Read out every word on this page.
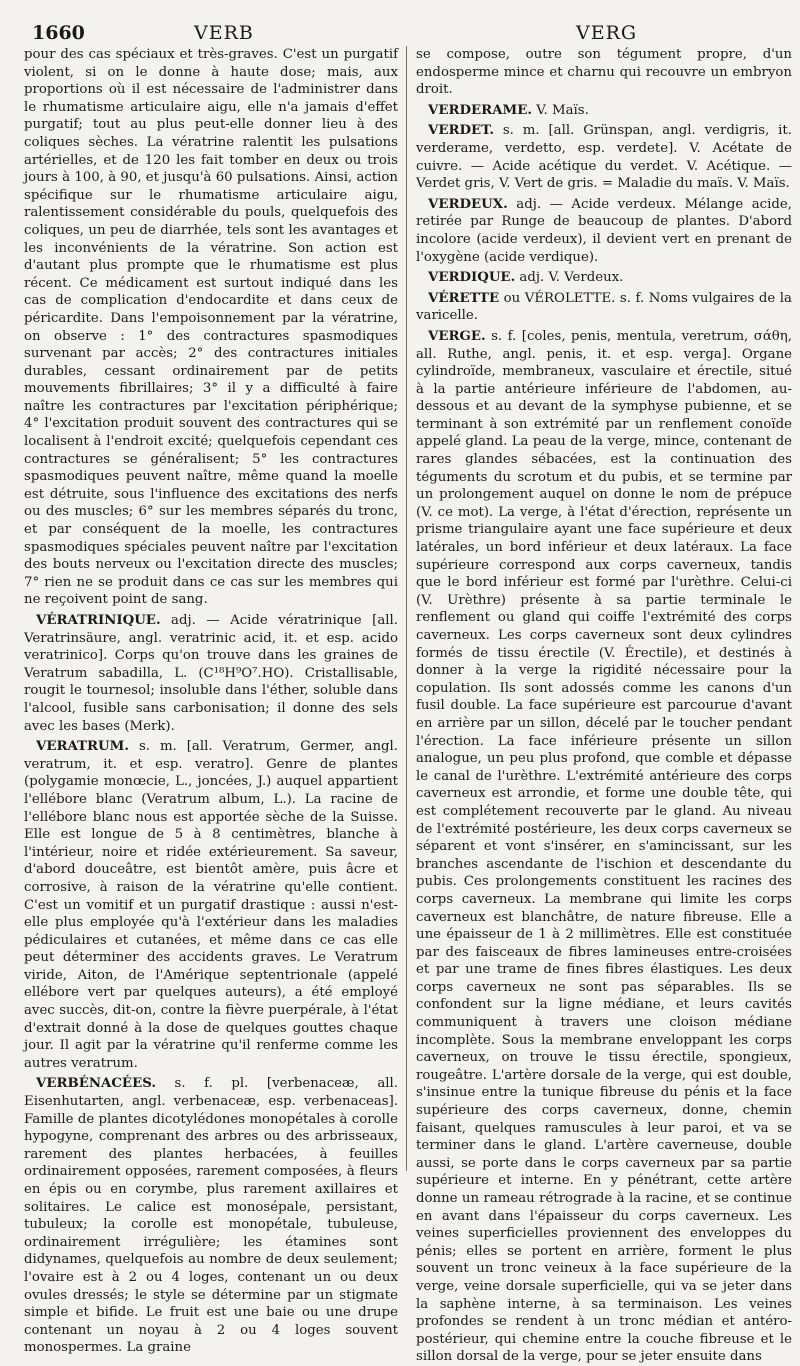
1660	VERB	VERG

pour des cas spéciaux et très-graves. C'est un purgatif violent, si on le donne à haute dose; mais, aux proportions où il est nécessaire de l'administrer dans le rhumatisme articulaire aigu, elle n'a jamais d'effet purgatif; tout au plus peut-elle donner lieu à des coliques sèches. La vératrine ralentit les pulsations artérielles, et de 120 les fait tomber en deux ou trois jours à 100, à 90, et jusqu'à 60 pulsations. Ainsi, action spécifique sur le rhumatisme articulaire aigu, ralentissement considérable du pouls, quelquefois des coliques, un peu de diarrhée, tels sont les avantages et les inconvénients de la vératrine. Son action est d'autant plus prompte que le rhumatisme est plus récent. Ce médicament est surtout indiqué dans les cas de complication d'endocardite et dans ceux de péricardite. Dans l'empoisonnement par la vératrine, on observe : 1° des contractures spasmodiques survenant par accès; 2° des contractures initiales durables, cessant ordinairement par de petits mouvements fibrillaires; 3° il y a difficulté à faire naître les contractures par l'excitation périphérique; 4° l'excitation produit souvent des contractures qui se localisent à l'endroit excité; quelquefois cependant ces contractures se généralisent; 5° les contractures spasmodiques peuvent naître, même quand la moelle est détruite, sous l'influence des excitations des nerfs ou des muscles; 6° sur les membres séparés du tronc, et par conséquent de la moelle, les contractures spasmodiques spéciales peuvent naître par l'excitation des bouts nerveux ou l'excitation directe des muscles; 7° rien ne se produit dans ce cas sur les membres qui ne reçoivent point de sang.

VÉRATRINIQUE. adj. — Acide vératrinique [all. Veratrinsäure, angl. veratrinic acid, it. et esp. acido veratrinico]. Corps qu'on trouve dans les graines de Veratrum sabadilla, L. (C¹⁸H⁹O⁷.HO). Cristallisable, rougit le tournesol; insoluble dans l'éther, soluble dans l'alcool, fusible sans carbonisation; il donne des sels avec les bases (Merk).

VERATRUM. s. m. [all. Veratrum, Germer, angl. veratrum, it. et esp. veratro]. Genre de plantes (polygamie monœcie, L., joncées, J.) auquel appartient l'ellébore blanc (Veratrum album, L.). La racine de l'ellébore blanc nous est apportée sèche de la Suisse. Elle est longue de 5 à 8 centimètres, blanche à l'intérieur, noire et ridée extérieurement. Sa saveur, d'abord douceâtre, est bientôt amère, puis âcre et corrosive, à raison de la vératrine qu'elle contient. C'est un vomitif et un purgatif drastique : aussi n'est-elle plus employée qu'à l'extérieur dans les maladies pédiculaires et cutanées, et même dans ce cas elle peut déterminer des accidents graves. Le Veratrum viride, Aiton, de l'Amérique septentrionale (appelé ellébore vert par quelques auteurs), a été employé avec succès, dit-on, contre la fièvre puerpérale, à l'état d'extrait donné à la dose de quelques gouttes chaque jour. Il agit par la vératrine qu'il renferme comme les autres veratrum.

VERBÉNACÉES. s. f. pl. [verbenaceæ, all. Eisenhutarten, angl. verbenaceæ, esp. verbenaceas]. Famille de plantes dicotylédones monopétales à corolle hypogyne, comprenant des arbres ou des arbrisseaux, rarement des plantes herbacées, à feuilles ordinairement opposées, rarement composées, à fleurs en épis ou en corymbe, plus rarement axillaires et solitaires. Le calice est monosépale, persistant, tubuleux; la corolle est monopétale, tubuleuse, ordinairement irrégulière; les étamines sont didynames, quelquefois au nombre de deux seulement; l'ovaire est à 2 ou 4 loges, contenant un ou deux ovules dressés; le style se détermine par un stigmate simple et bifide. Le fruit est une baie ou une drupe contenant un noyau à 2 ou 4 loges souvent monospermes. La graine

se compose, outre son tégument propre, d'un endosperme mince et charnu qui recouvre un embryon droit.

VERDERAME. V. Maïs.

VERDET. s. m. [all. Grünspan, angl. verdigris, it. verderame, verdetto, esp. verdete]. V. Acétate de cuivre. — Acide acétique du verdet. V. Acétique. — Verdet gris, V. Vert de gris. = Maladie du maïs. V. Maïs.

VERDEUX. adj. — Acide verdeux. Mélange acide, retirée par Runge de beaucoup de plantes. D'abord incolore (acide verdeux), il devient vert en prenant de l'oxygène (acide verdique).

VERDIQUE. adj. V. Verdeux.

VÉRETTE ou VÉROLETTE. s. f. Noms vulgaires de la varicelle.

VERGE. s. f. [coles, penis, mentula, veretrum, σάθη, all. Ruthe, angl. penis, it. et esp. verga]. Organe cylindroïde, membraneux, vasculaire et érectile, situé à la partie antérieure inférieure de l'abdomen, au-dessous et au devant de la symphyse pubienne, et se terminant à son extrémité par un renflement conoïde appelé gland. La peau de la verge, mince, contenant de rares glandes sébacées, est la continuation des téguments du scrotum et du pubis, et se termine par un prolongement auquel on donne le nom de prépuce (V. ce mot). La verge, à l'état d'érection, représente un prisme triangulaire ayant une face supérieure et deux latérales, un bord inférieur et deux latéraux. La face supérieure correspond aux corps caverneux, tandis que le bord inférieur est formé par l'urèthre. Celui-ci (V. Urèthre) présente à sa partie terminale le renflement ou gland qui coiffe l'extrémité des corps caverneux. Les corps caverneux sont deux cylindres formés de tissu érectile (V. Érectile), et destinés à donner à la verge la rigidité nécessaire pour la copulation. Ils sont adossés comme les canons d'un fusil double. La face supérieure est parcourue d'avant en arrière par un sillon, décelé par le toucher pendant l'érection. La face inférieure présente un sillon analogue, un peu plus profond, que comble et dépasse le canal de l'urèthre. L'extrémité antérieure des corps caverneux est arrondie, et forme une double tête, qui est complétement recouverte par le gland. Au niveau de l'extrémité postérieure, les deux corps caverneux se séparent et vont s'insérer, en s'amincissant, sur les branches ascendante de l'ischion et descendante du pubis. Ces prolongements constituent les racines des corps caverneux. La membrane qui limite les corps caverneux est blanchâtre, de nature fibreuse. Elle a une épaisseur de 1 à 2 millimètres. Elle est constituée par des faisceaux de fibres lamineuses entre-croisées et par une trame de fines fibres élastiques. Les deux corps caverneux ne sont pas séparables. Ils se confondent sur la ligne médiane, et leurs cavités communiquent à travers une cloison médiane incomplète. Sous la membrane enveloppant les corps caverneux, on trouve le tissu érectile, spongieux, rougeâtre. L'artère dorsale de la verge, qui est double, s'insinue entre la tunique fibreuse du pénis et la face supérieure des corps caverneux, donne, chemin faisant, quelques ramuscules à leur paroi, et va se terminer dans le gland. L'artère caverneuse, double aussi, se porte dans le corps caverneux par sa partie supérieure et interne. En y pénétrant, cette artère donne un rameau rétrograde à la racine, et se continue en avant dans l'épaisseur du corps caverneux. Les veines superficielles proviennent des enveloppes du pénis; elles se portent en arrière, forment le plus souvent un tronc veineux à la face supérieure de la verge, veine dorsale superficielle, qui va se jeter dans la saphène interne, à sa terminaison. Les veines profondes se rendent à un tronc médian et antéro-postérieur, qui chemine entre la couche fibreuse et le sillon dorsal de la verge, pour se jeter ensuite dans
